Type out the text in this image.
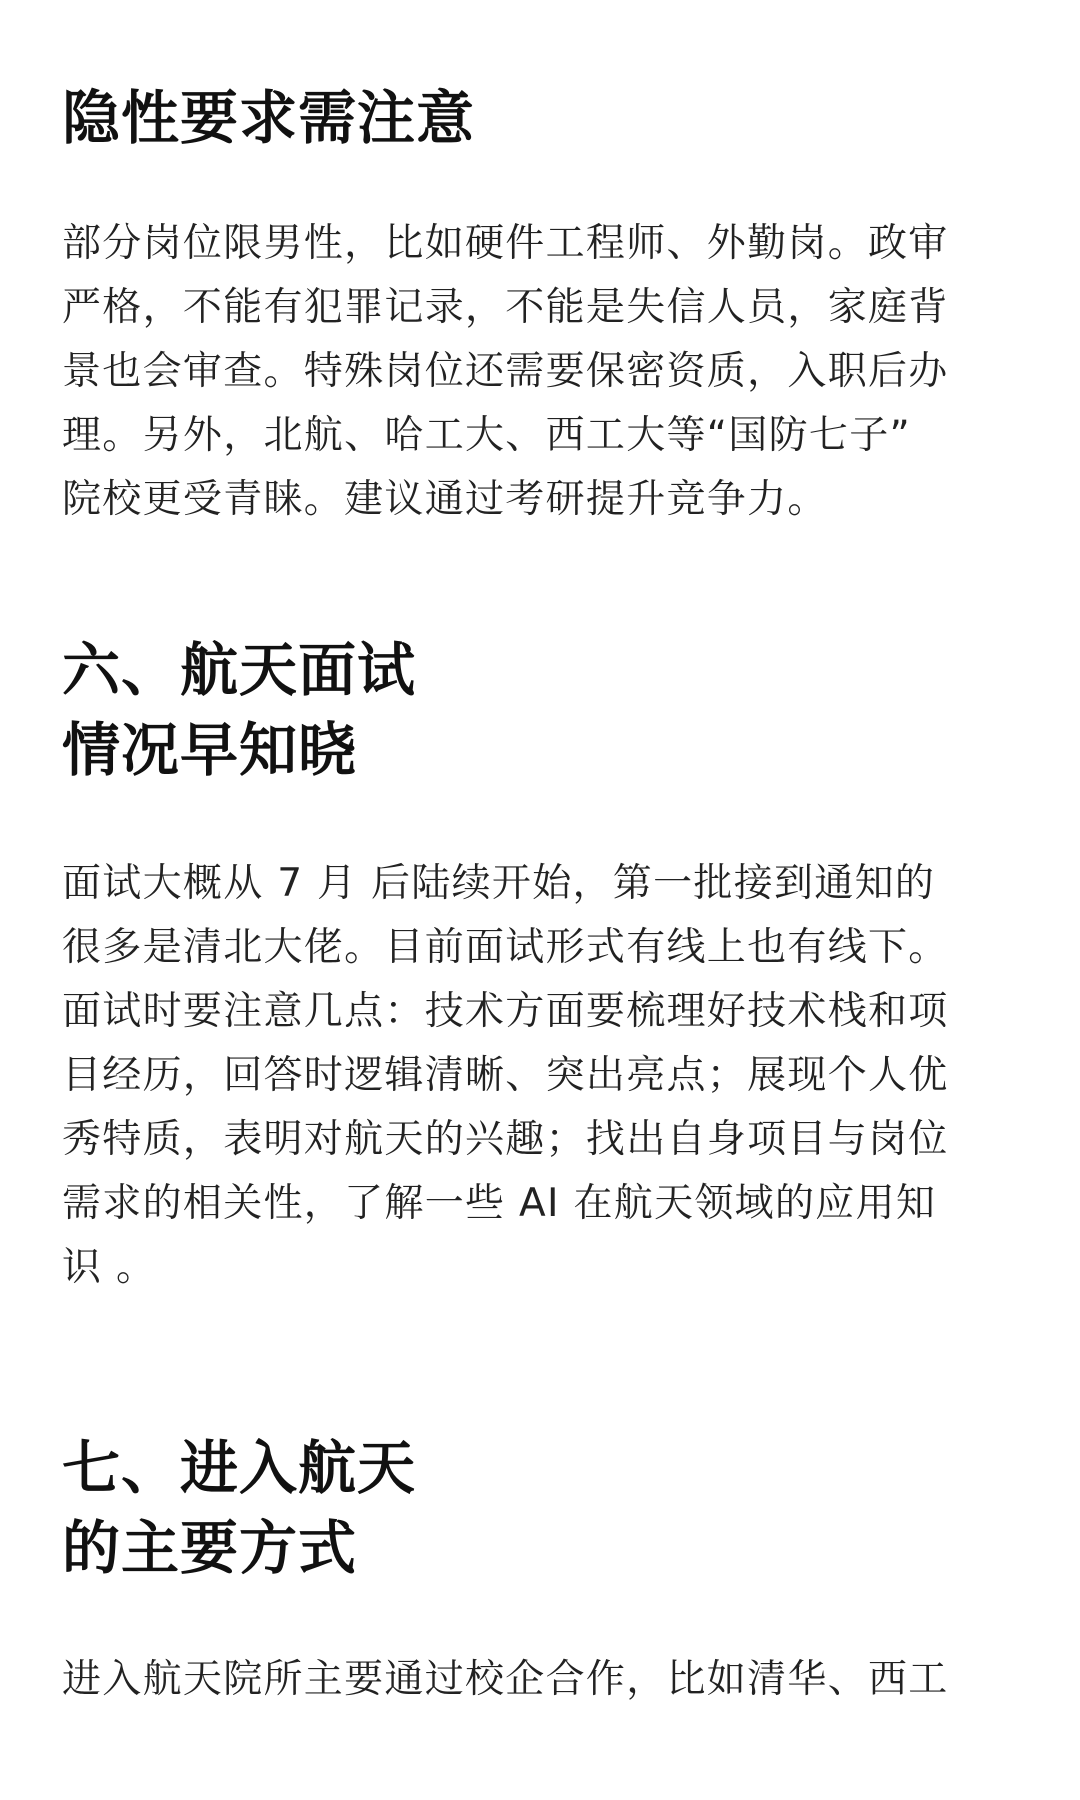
隐性要求需注意
部分岗位限男性，比如硬件工程师、外勤岗。政审
严格，不能有犯罪记录，不能是失信人员，家庭背
景也会审查。特殊岗位还需要保密资质，入职后办
理。另外，北航、哈工大、西工大等“国防七子”
院校更受青睐。建议通过考研提升竞争力。
六、航天面试
情况早知晓
面试大概从 7 月 后陆续开始，第一批接到通知的
很多是清北大佬。目前面试形式有线上也有线下。
面试时要注意几点：技术方面要梳理好技术栈和项
目经历，回答时逻辑清晰、突出亮点；展现个人优
秀特质，表明对航天的兴趣；找出自身项目与岗位
需求的相关性，了解一些 AI 在航天领域的应用知
识 。
七、进入航天
的主要方式
进入航天院所主要通过校企合作，比如清华、西工
